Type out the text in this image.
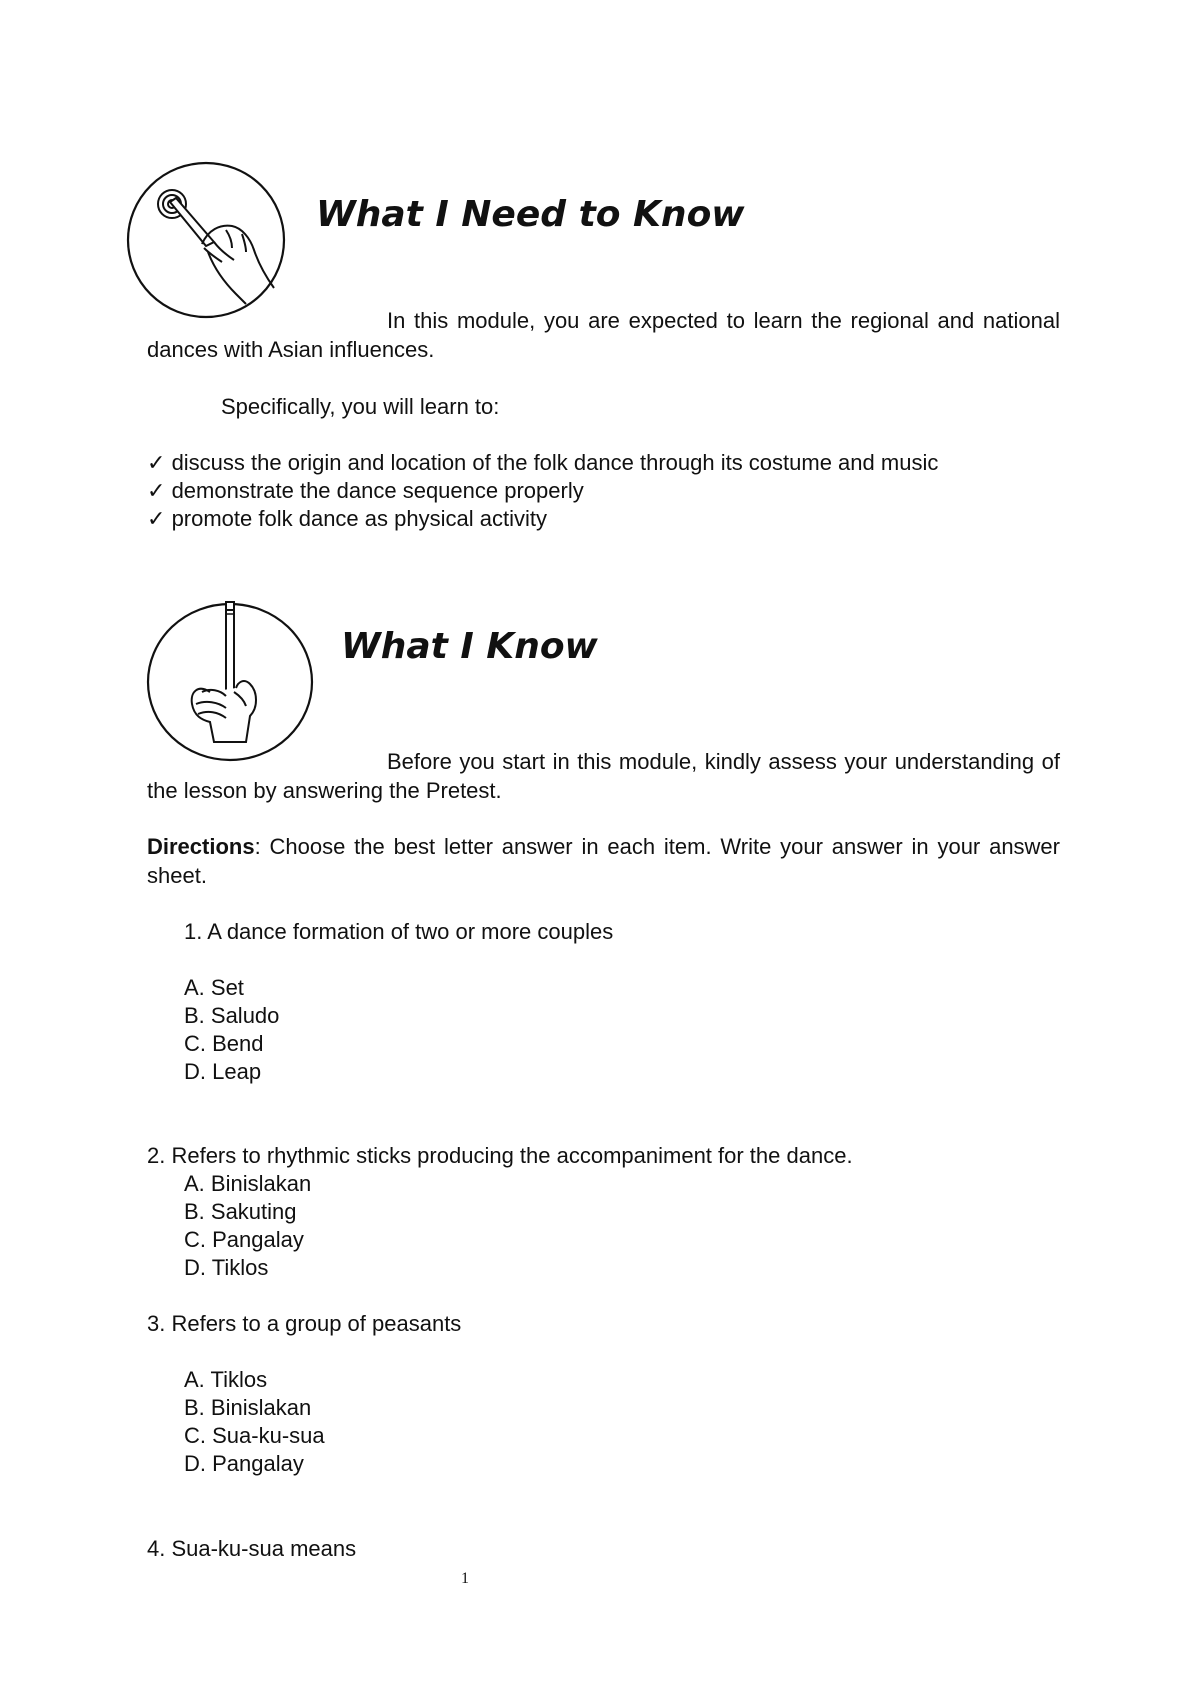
What I Need to Know
In this module, you are expected to learn the regional and national dances with Asian influences.
Specifically, you will learn to:
✓ discuss the origin and location of the folk dance through its costume and music
✓ demonstrate the dance sequence properly
✓ promote folk dance as physical activity
What I Know
Before you start in this module, kindly assess your understanding of the lesson by answering the Pretest.
Directions: Choose the best letter answer in each item. Write your answer in your answer sheet.
1. A dance formation of two or more couples
A. Set
B. Saludo
C. Bend
D. Leap
2. Refers to rhythmic sticks producing the accompaniment for the dance.
A. Binislakan
B. Sakuting
C. Pangalay
D. Tiklos
3. Refers to a group of peasants
A. Tiklos
B. Binislakan
C. Sua-ku-sua
D. Pangalay
4. Sua-ku-sua means
1
